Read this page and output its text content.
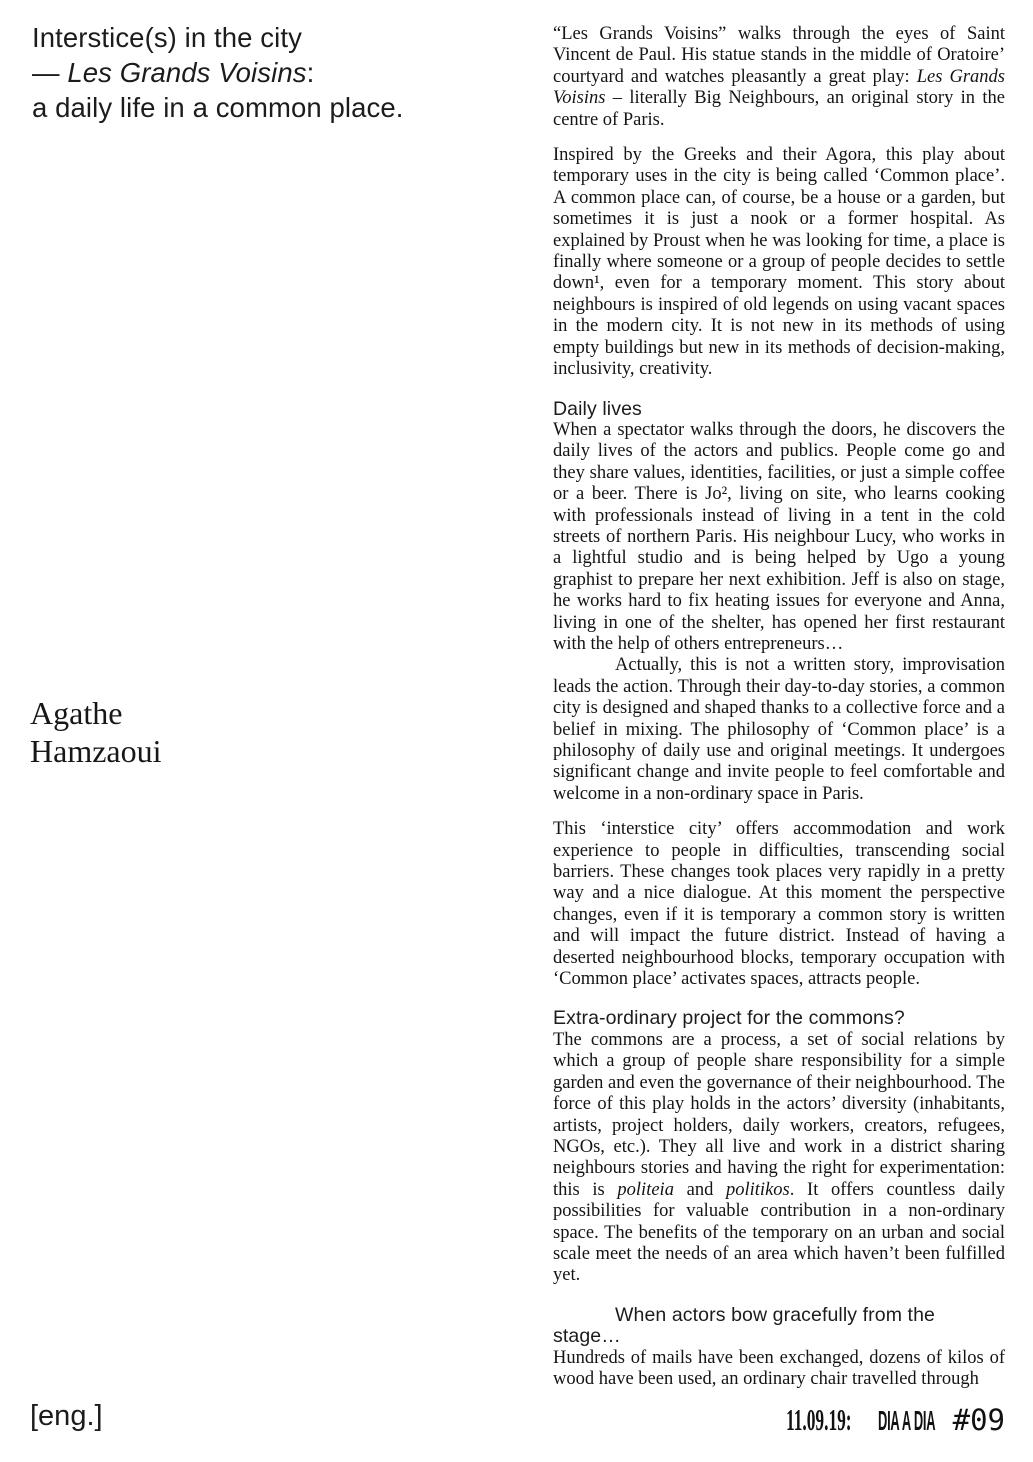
Interstice(s) in the city
— Les Grands Voisins:
a daily life in a common place.
Agathe
Hamzaoui

“Les Grands Voisins” walks through the eyes of Saint Vincent de Paul. His statue stands in the middle of Oratoire’ courtyard and watches pleasantly a great play: Les Grands Voisins – literally Big Neighbours, an original story in the centre of Paris.

Inspired by the Greeks and their Agora, this play about temporary uses in the city is being called ‘Common place’. A common place can, of course, be a house or a garden, but sometimes it is just a nook or a former hospital. As explained by Proust when he was looking for time, a place is finally where someone or a group of people decides to settle down¹, even for a temporary moment. This story about neighbours is inspired of old legends on using vacant spaces in the modern city. It is not new in its methods of using empty buildings but new in its methods of decision-making, inclusivity, creativity.

Daily lives

When a spectator walks through the doors, he discovers the daily lives of the actors and publics. People come go and they share values, identities, facilities, or just a simple coffee or a beer. There is Jo², living on site, who learns cooking with professionals instead of living in a tent in the cold streets of northern Paris. His neighbour Lucy, who works in a lightful studio and is being helped by Ugo a young graphist to prepare her next exhibition. Jeff is also on stage, he works hard to fix heating issues for everyone and Anna, living in one of the shelter, has opened her first restaurant with the help of others entrepreneurs…

Actually, this is not a written story, improvisation leads the action. Through their day-to-day stories, a common city is designed and shaped thanks to a collective force and a belief in mixing. The philosophy of ‘Common place’ is a philosophy of daily use and original meetings. It undergoes significant change and invite people to feel comfortable and welcome in a non-ordinary space in Paris.

This ‘interstice city’ offers accommodation and work experience to people in difficulties, transcending social barriers. These changes took places very rapidly in a pretty way and a nice dialogue. At this moment the perspective changes, even if it is temporary a common story is written and will impact the future district. Instead of having a deserted neighbourhood blocks, temporary occupation with ‘Common place’ activates spaces, attracts people.

Extra-ordinary project for the commons?

The commons are a process, a set of social relations by which a group of people share responsibility for a simple garden and even the governance of their neighbourhood. The force of this play holds in the actors’ diversity (inhabitants, artists, project holders, daily workers, creators, refugees, NGOs, etc.). They all live and work in a district sharing neighbours stories and having the right for experimentation: this is politeia and politikos. It offers countless daily possibilities for valuable contribution in a non-ordinary space. The benefits of the temporary on an urban and social scale meet the needs of an area which haven’t been fulfilled yet.

When actors bow gracefully from the stage…

Hundreds of mails have been exchanged, dozens of kilos of wood have been used, an ordinary chair travelled through

[eng.]	11.09.19: DIA A DIA #09
